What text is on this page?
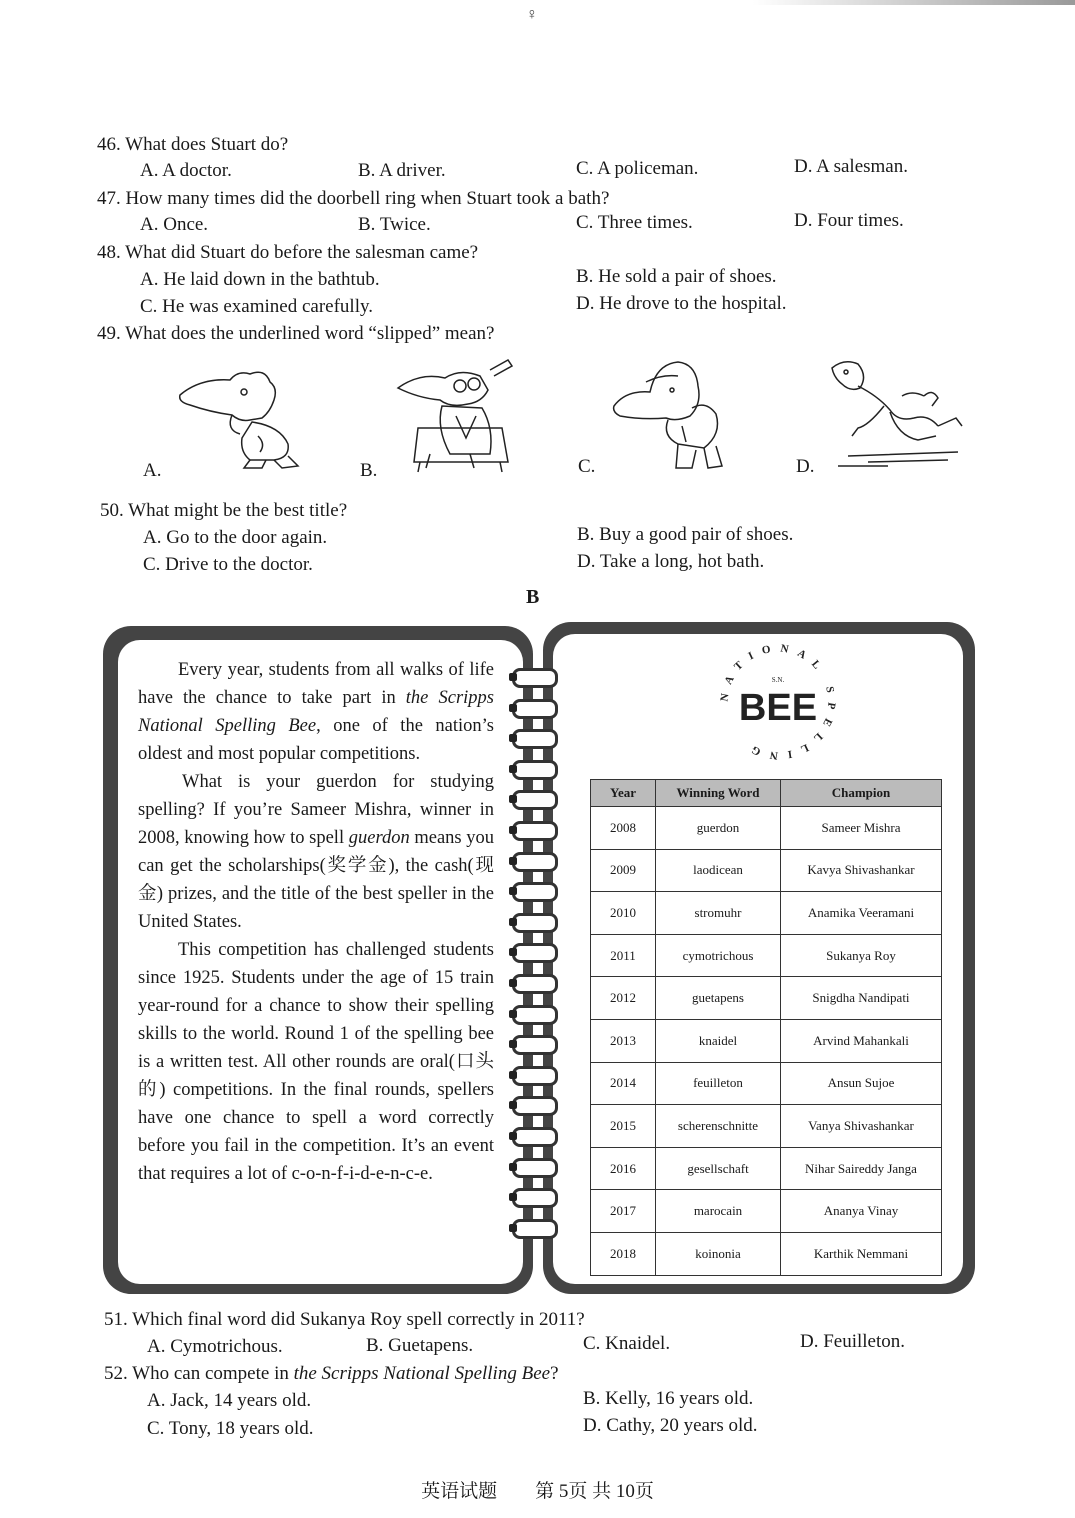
♀
46. What does Stuart do?
A. A doctor.	B. A driver.	C. A policeman.	D. A salesman.
47. How many times did the doorbell ring when Stuart took a bath?
A. Once.	B. Twice.	C. Three times.	D. Four times.
48. What did Stuart do before the salesman came?
A. He laid down in the bathtub.	B. He sold a pair of shoes.
C. He was examined carefully.	D. He drove to the hospital.
49. What does the underlined word “slipped” mean?
A.	B.	C.	D.
50. What might be the best title?
A. Go to the door again.	B. Buy a good pair of shoes.
C. Drive to the doctor.	D. Take a long, hot bath.
B

Every year, students from all walks of life have the chance to take part in the Scripps National Spelling Bee, one of the nation’s oldest and most popular competitions.

What is your guerdon for studying spelling? If you’re Sameer Mishra, winner in 2008, knowing how to spell guerdon means you can get the scholarships(奖学金), the cash(现金) prizes, and the title of the best speller in the United States.

This competition has challenged students since 1925. Students under the age of 15 train year-round for a chance to show their spelling skills to the world. Round 1 of the spelling bee is a written test. All other rounds are oral(口头的) competitions. In the final rounds, spellers have one chance to spell a word correctly before you fail in the competition. It’s an event that requires a lot of c-o-n-f-i-d-e-n-c-e.

NATIONAL SPELLING
S.N.
BEE
Year	Winning Word	Champion
2008	guerdon	Sameer Mishra
2009	laodicean	Kavya Shivashankar
2010	stromuhr	Anamika Veeramani
2011	cymotrichous	Sukanya Roy
2012	guetapens	Snigdha Nandipati
2013	knaidel	Arvind Mahankali
2014	feuilleton	Ansun Sujoe
2015	scherenschnitte	Vanya Shivashankar
2016	gesellschaft	Nihar Saireddy Janga
2017	marocain	Ananya Vinay
2018	koinonia	Karthik Nemmani
51. Which final word did Sukanya Roy spell correctly in 2011?
A. Cymotrichous.	B. Guetapens.	C. Knaidel.	D. Feuilleton.
52. Who can compete in the Scripps National Spelling Bee?
A. Jack, 14 years old.	B. Kelly, 16 years old.
C. Tony, 18 years old.	D. Cathy, 20 years old.
英语试题　　第 5页 共 10页
